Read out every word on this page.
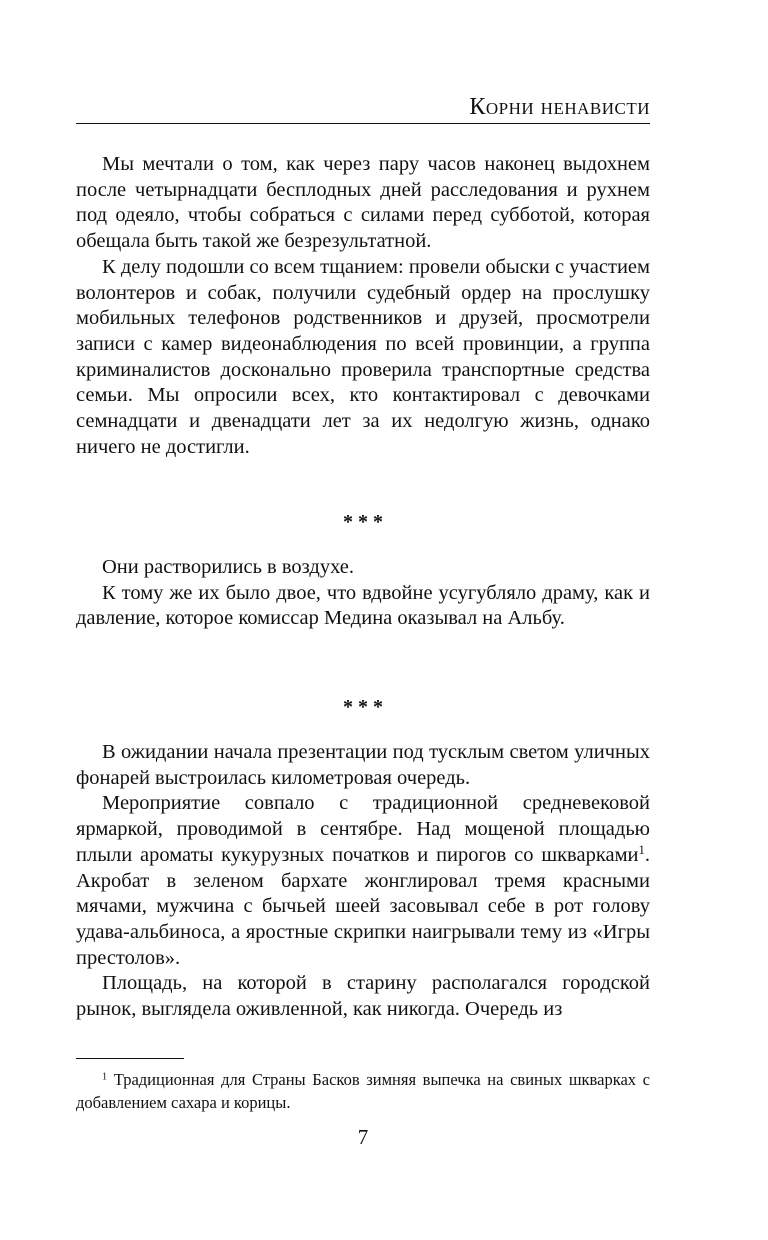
Корни ненависти

Мы мечтали о том, как через пару часов наконец выдохнем после четырнадцати бесплодных дней расследования и рухнем под одеяло, чтобы собраться с силами перед субботой, которая обещала быть такой же безрезультатной.

К делу подошли со всем тщанием: провели обыски с участием волонтеров и собак, получили судебный ордер на прослушку мобильных телефонов родственников и друзей, просмотрели записи с камер видеонаблюдения по всей провинции, а группа криминалистов досконально проверила транспортные средства семьи. Мы опросили всех, кто контактировал с девочками семнадцати и двенадцати лет за их недолгую жизнь, однако ничего не достигли.

* * *

Они растворились в воздухе.

К тому же их было двое, что вдвойне усугубляло драму, как и давление, которое комиссар Медина оказывал на Альбу.

* * *

В ожидании начала презентации под тусклым светом уличных фонарей выстроилась километровая очередь.

Мероприятие совпало с традиционной средневековой ярмаркой, проводимой в сентябре. Над мощеной площадью плыли ароматы кукурузных початков и пирогов со шкварками$^1$. Акробат в зеленом бархате жонглировал тремя красными мячами, мужчина с бычьей шеей засовывал себе в рот голову удава-альбиноса, а яростные скрипки наигрывали тему из «Игры престолов».

Площадь, на которой в старину располагался городской рынок, выглядела оживленной, как никогда. Очередь из

$^1$ Традиционная для Страны Басков зимняя выпечка на свиных шкварках с добавлением сахара и корицы.
7
